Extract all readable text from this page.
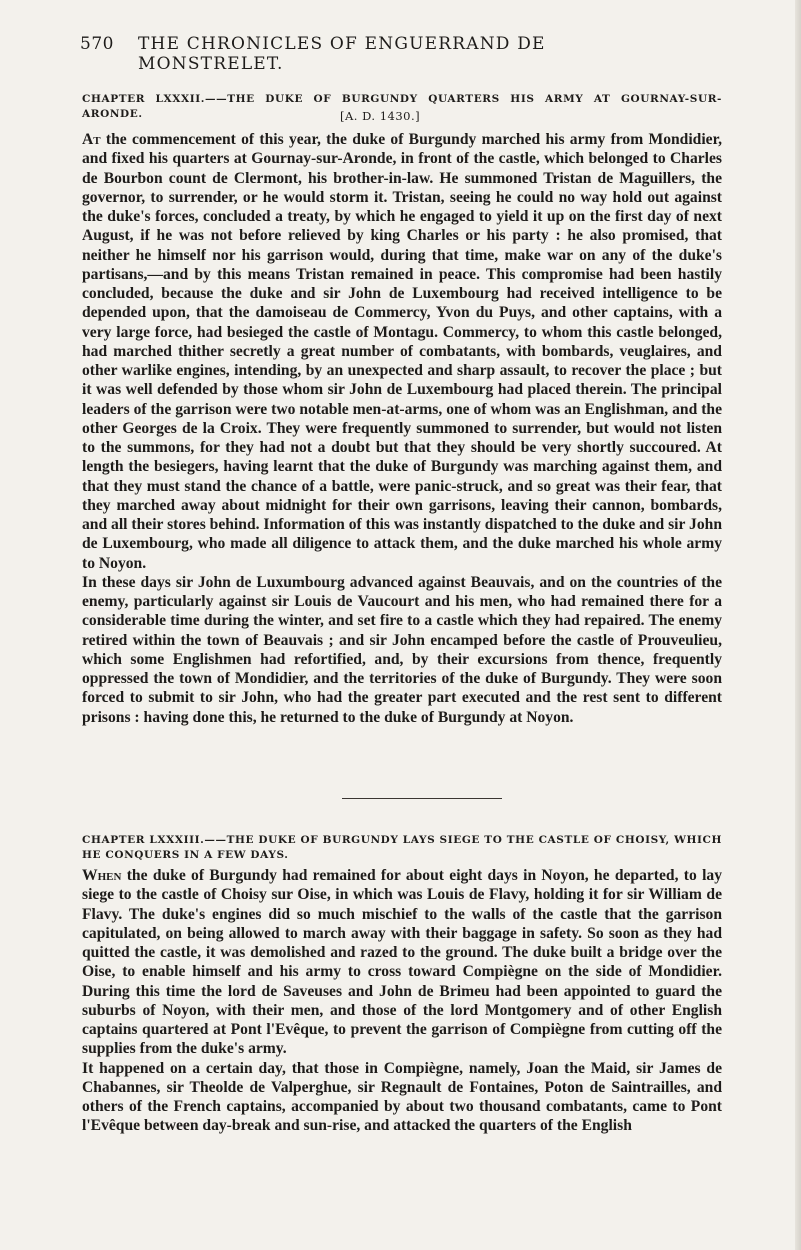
570 THE CHRONICLES OF ENGUERRAND DE MONSTRELET.
CHAPTER LXXXII.——THE DUKE OF BURGUNDY QUARTERS HIS ARMY AT GOURNAY-SUR-ARONDE.	[A. D. 1430.]

At the commencement of this year, the duke of Burgundy marched his army from Mondidier, and fixed his quarters at Gournay-sur-Aronde, in front of the castle, which belonged to Charles de Bourbon count de Clermont, his brother-in-law. He summoned Tristan de Maguillers, the governor, to surrender, or he would storm it. Tristan, seeing he could no way hold out against the duke's forces, concluded a treaty, by which he engaged to yield it up on the first day of next August, if he was not before relieved by king Charles or his party : he also promised, that neither he himself nor his garrison would, during that time, make war on any of the duke's partisans,—and by this means Tristan remained in peace. This compromise had been hastily concluded, because the duke and sir John de Luxembourg had received intelligence to be depended upon, that the damoiseau de Commercy, Yvon du Puys, and other captains, with a very large force, had besieged the castle of Montagu. Commercy, to whom this castle belonged, had marched thither secretly a great number of combatants, with bombards, veuglaires, and other warlike engines, intending, by an unexpected and sharp assault, to recover the place ; but it was well defended by those whom sir John de Luxembourg had placed therein. The principal leaders of the garrison were two notable men-at-arms, one of whom was an Englishman, and the other Georges de la Croix. They were frequently summoned to surrender, but would not listen to the summons, for they had not a doubt but that they should be very shortly succoured. At length the besiegers, having learnt that the duke of Burgundy was marching against them, and that they must stand the chance of a battle, were panic-struck, and so great was their fear, that they marched away about midnight for their own garrisons, leaving their cannon, bombards, and all their stores behind. Information of this was instantly dispatched to the duke and sir John de Luxembourg, who made all diligence to attack them, and the duke marched his whole army to Noyon.

In these days sir John de Luxumbourg advanced against Beauvais, and on the countries of the enemy, particularly against sir Louis de Vaucourt and his men, who had remained there for a considerable time during the winter, and set fire to a castle which they had repaired. The enemy retired within the town of Beauvais ; and sir John encamped before the castle of Prouveulieu, which some Englishmen had refortified, and, by their excursions from thence, frequently oppressed the town of Mondidier, and the territories of the duke of Burgundy. They were soon forced to submit to sir John, who had the greater part executed and the rest sent to different prisons : having done this, he returned to the duke of Burgundy at Noyon.

CHAPTER LXXXIII.——THE DUKE OF BURGUNDY LAYS SIEGE TO THE CASTLE OF CHOISY, WHICH HE CONQUERS IN A FEW DAYS.

When the duke of Burgundy had remained for about eight days in Noyon, he departed, to lay siege to the castle of Choisy sur Oise, in which was Louis de Flavy, holding it for sir William de Flavy. The duke's engines did so much mischief to the walls of the castle that the garrison capitulated, on being allowed to march away with their baggage in safety. So soon as they had quitted the castle, it was demolished and razed to the ground. The duke built a bridge over the Oise, to enable himself and his army to cross toward Compiègne on the side of Mondidier. During this time the lord de Saveuses and John de Brimeu had been appointed to guard the suburbs of Noyon, with their men, and those of the lord Montgomery and of other English captains quartered at Pont l'Evêque, to prevent the garrison of Compiègne from cutting off the supplies from the duke's army.

It happened on a certain day, that those in Compiègne, namely, Joan the Maid, sir James de Chabannes, sir Theolde de Valperghue, sir Regnault de Fontaines, Poton de Saintrailles, and others of the French captains, accompanied by about two thousand combatants, came to Pont l'Evêque between day-break and sun-rise, and attacked the quarters of the English
